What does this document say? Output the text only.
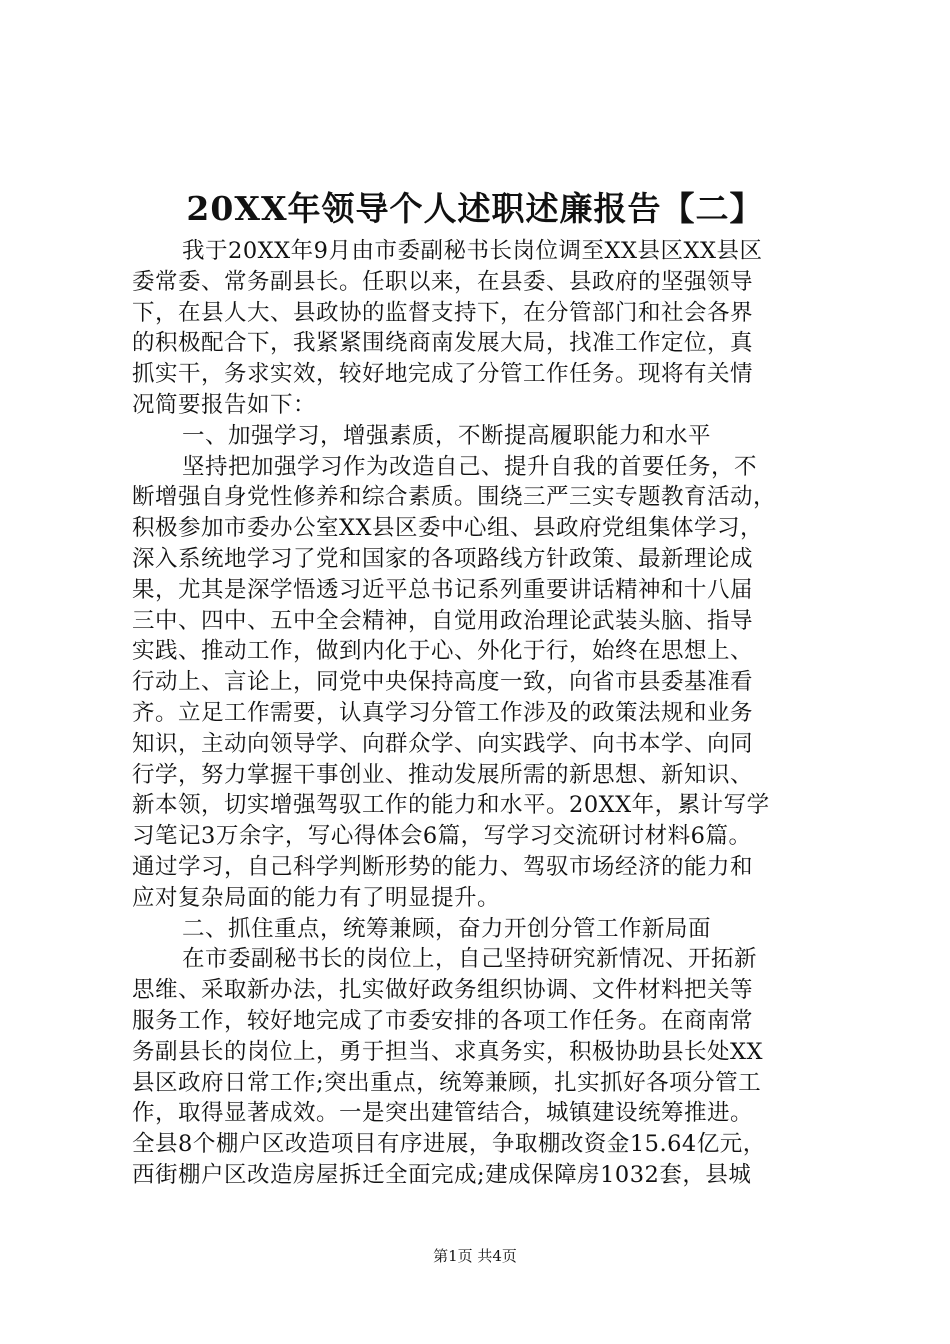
20XX年领导个人述职述廉报告【二】
我于20XX年9月由市委副秘书长岗位调至XX县区XX县区
委常委、常务副县长。任职以来，在县委、县政府的坚强领导
下，在县人大、县政协的监督支持下，在分管部门和社会各界
的积极配合下，我紧紧围绕商南发展大局，找准工作定位，真
抓实干，务求实效，较好地完成了分管工作任务。现将有关情
况简要报告如下：
一、加强学习，增强素质，不断提高履职能力和水平
坚持把加强学习作为改造自己、提升自我的首要任务，不
断增强自身党性修养和综合素质。围绕三严三实专题教育活动，
积极参加市委办公室XX县区委中心组、县政府党组集体学习，
深入系统地学习了党和国家的各项路线方针政策、最新理论成
果，尤其是深学悟透习近平总书记系列重要讲话精神和十八届
三中、四中、五中全会精神，自觉用政治理论武装头脑、指导
实践、推动工作，做到内化于心、外化于行，始终在思想上、
行动上、言论上，同党中央保持高度一致，向省市县委基准看
齐。立足工作需要，认真学习分管工作涉及的政策法规和业务
知识，主动向领导学、向群众学、向实践学、向书本学、向同
行学，努力掌握干事创业、推动发展所需的新思想、新知识、
新本领，切实增强驾驭工作的能力和水平。20XX年，累计写学
习笔记3万余字，写心得体会6篇，写学习交流研讨材料6篇。
通过学习，自己科学判断形势的能力、驾驭市场经济的能力和
应对复杂局面的能力有了明显提升。
二、抓住重点，统筹兼顾，奋力开创分管工作新局面
在市委副秘书长的岗位上，自己坚持研究新情况、开拓新
思维、采取新办法，扎实做好政务组织协调、文件材料把关等
服务工作，较好地完成了市委安排的各项工作任务。在商南常
务副县长的岗位上，勇于担当、求真务实，积极协助县长处XX
县区政府日常工作;突出重点，统筹兼顾，扎实抓好各项分管工
作，取得显著成效。一是突出建管结合，城镇建设统筹推进。
全县8个棚户区改造项目有序进展，争取棚改资金15.64亿元，
西街棚户区改造房屋拆迁全面完成;建成保障房1032套，县城
第1页 共4页
